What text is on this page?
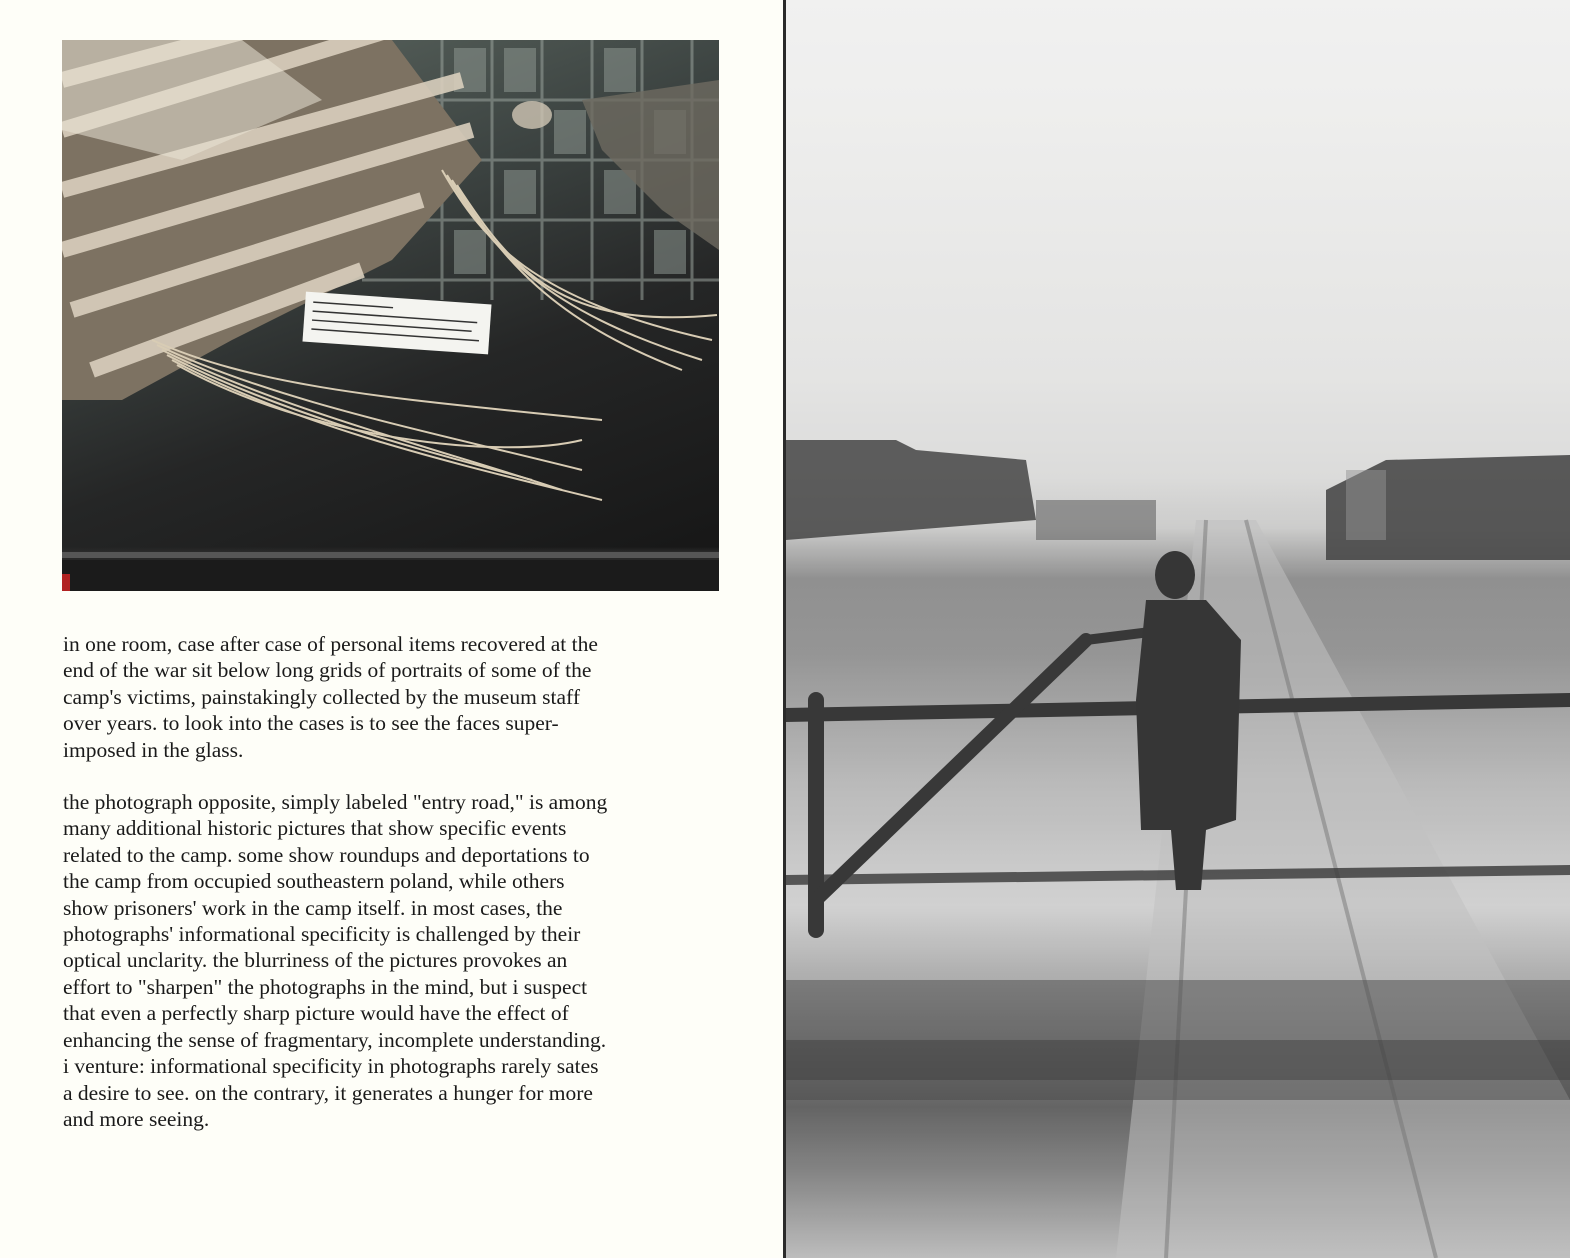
in one room, case after case of personal items recovered at the
end of the war sit below long grids of portraits of some of the
camp's victims, painstakingly collected by the museum staff
over years. to look into the cases is to see the faces super-
imposed in the glass.

the photograph opposite, simply labeled "entry road," is among
many additional historic pictures that show specific events
related to the camp. some show roundups and deportations to
the camp from occupied southeastern poland, while others
show prisoners' work in the camp itself. in most cases, the
photographs' informational specificity is challenged by their
optical unclarity. the blurriness of the pictures provokes an
effort to "sharpen" the photographs in the mind, but i suspect
that even a perfectly sharp picture would have the effect of
enhancing the sense of fragmentary, incomplete understanding.
i venture: informational specificity in photographs rarely sates
a desire to see. on the contrary, it generates a hunger for more
and more seeing.
